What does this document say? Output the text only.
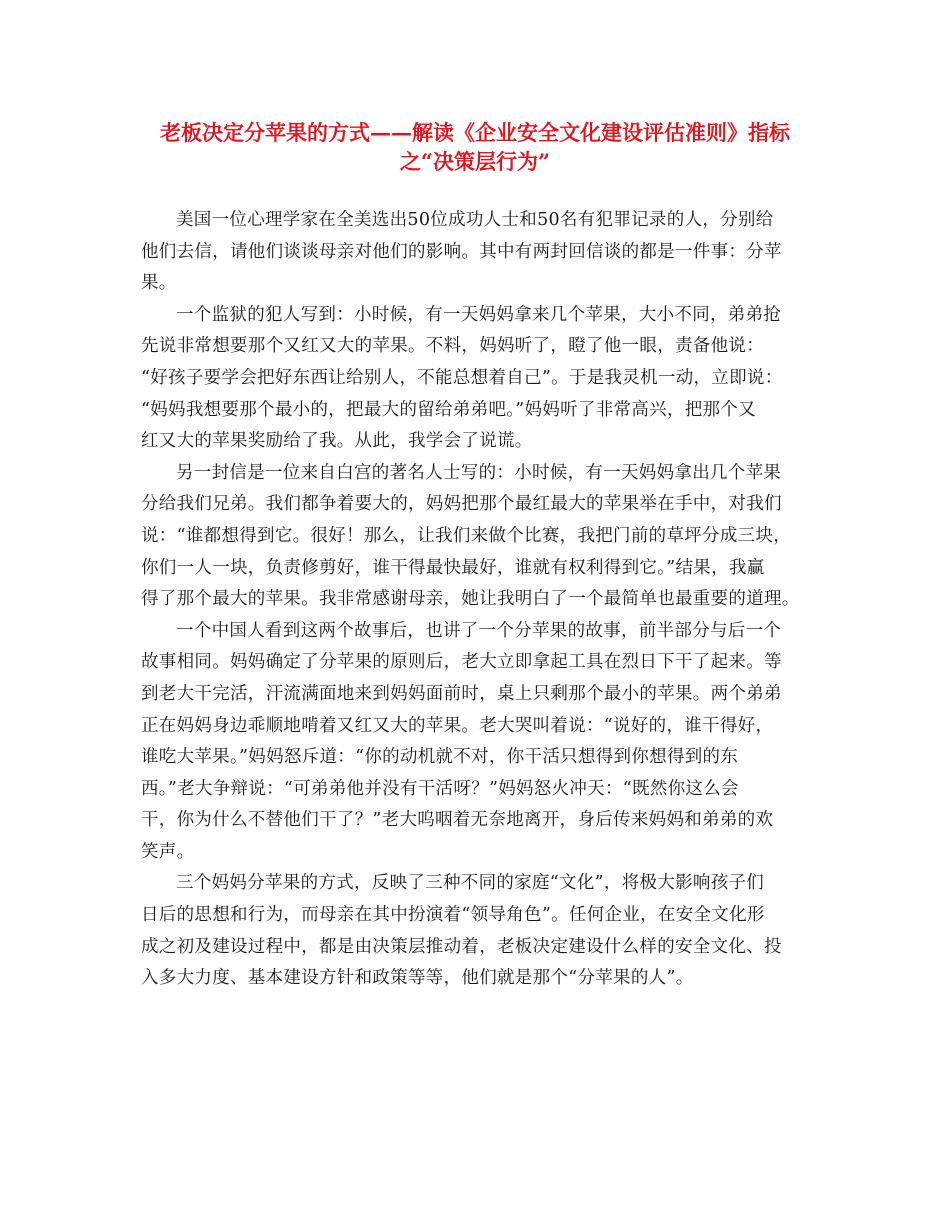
老板决定分苹果的方式——解读《企业安全文化建设评估准则》指标
之“决策层行为”

美国一位心理学家在全美选出50位成功人士和50名有犯罪记录的人，分别给
他们去信，请他们谈谈母亲对他们的影响。其中有两封回信谈的都是一件事：分苹
果。

一个监狱的犯人写到：小时候，有一天妈妈拿来几个苹果，大小不同，弟弟抢
先说非常想要那个又红又大的苹果。不料，妈妈听了，瞪了他一眼，责备他说：
“好孩子要学会把好东西让给别人，不能总想着自己”。于是我灵机一动，立即说：
“妈妈我想要那个最小的，把最大的留给弟弟吧。”妈妈听了非常高兴，把那个又
红又大的苹果奖励给了我。从此，我学会了说谎。

另一封信是一位来自白宫的著名人士写的：小时候，有一天妈妈拿出几个苹果
分给我们兄弟。我们都争着要大的，妈妈把那个最红最大的苹果举在手中，对我们
说：“谁都想得到它。很好！那么，让我们来做个比赛，我把门前的草坪分成三块，
你们一人一块，负责修剪好，谁干得最快最好，谁就有权利得到它。”结果，我赢
得了那个最大的苹果。我非常感谢母亲，她让我明白了一个最简单也最重要的道理。

一个中国人看到这两个故事后，也讲了一个分苹果的故事，前半部分与后一个
故事相同。妈妈确定了分苹果的原则后，老大立即拿起工具在烈日下干了起来。等
到老大干完活，汗流满面地来到妈妈面前时，桌上只剩那个最小的苹果。两个弟弟
正在妈妈身边乖顺地啃着又红又大的苹果。老大哭叫着说：“说好的，谁干得好，
谁吃大苹果。”妈妈怒斥道：“你的动机就不对，你干活只想得到你想得到的东
西。”老大争辩说：“可弟弟他并没有干活呀？”妈妈怒火冲天：“既然你这么会
干，你为什么不替他们干了？”老大呜咽着无奈地离开，身后传来妈妈和弟弟的欢
笑声。

三个妈妈分苹果的方式，反映了三种不同的家庭“文化”，将极大影响孩子们
日后的思想和行为，而母亲在其中扮演着“领导角色”。任何企业，在安全文化形
成之初及建设过程中，都是由决策层推动着，老板决定建设什么样的安全文化、投
入多大力度、基本建设方针和政策等等，他们就是那个“分苹果的人”。
